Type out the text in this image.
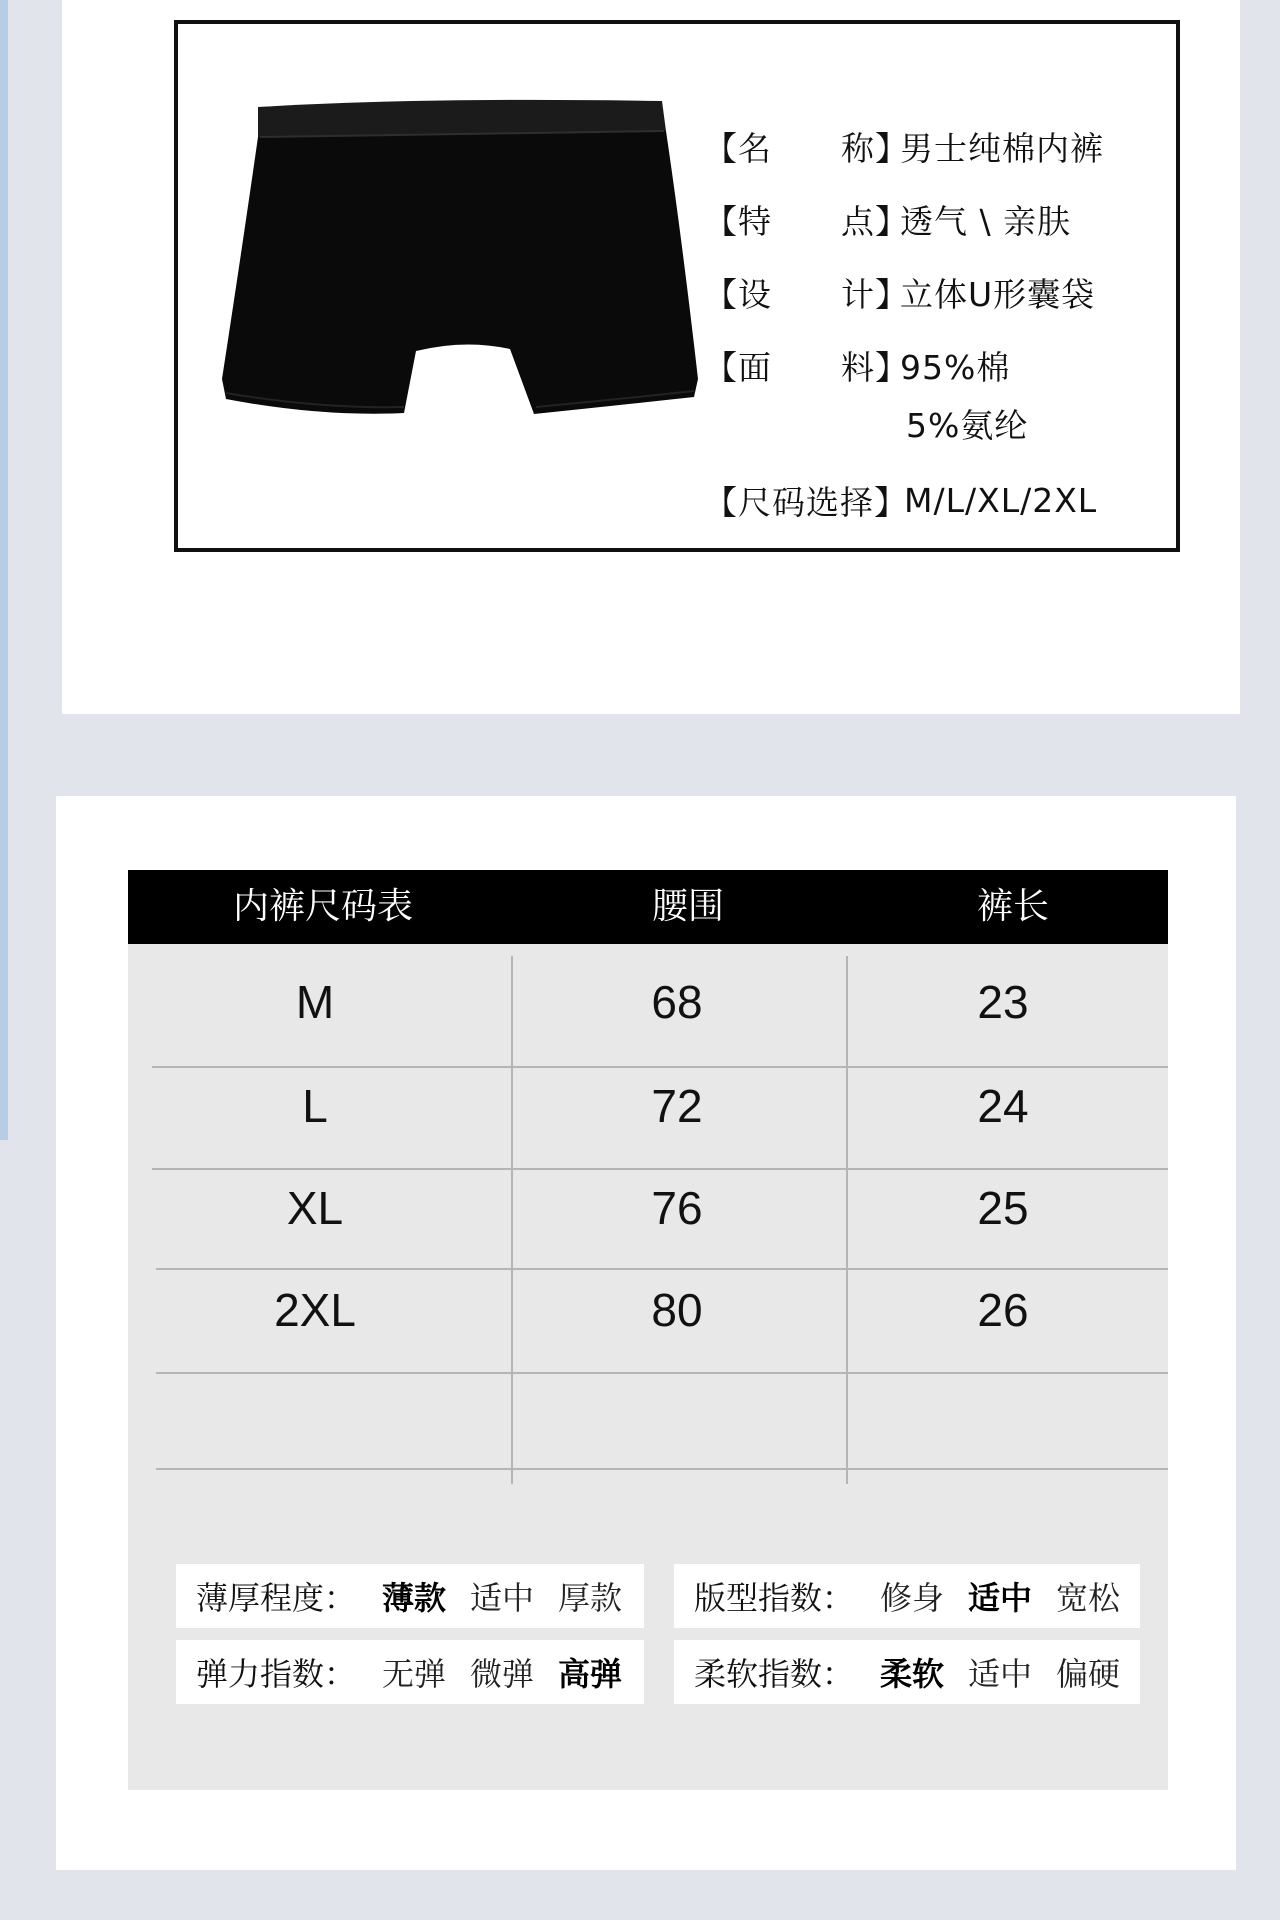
【名      称】
男士纯棉内裤
【特      点】
透气 \ 亲肤
【设      计】
立体U形囊袋
【面      料】
95%棉
5%氨纶
【尺码选择】
M/L/XL/2XL
内裤尺码表	腰围	裤长
M	68	23
L	72	24
XL	76	25
2XL	80	26
薄厚程度： 薄款 适中 厚款 版型指数： 修身 适中 宽松
弹力指数： 无弹 微弹 高弹 柔软指数： 柔软 适中 偏硬
